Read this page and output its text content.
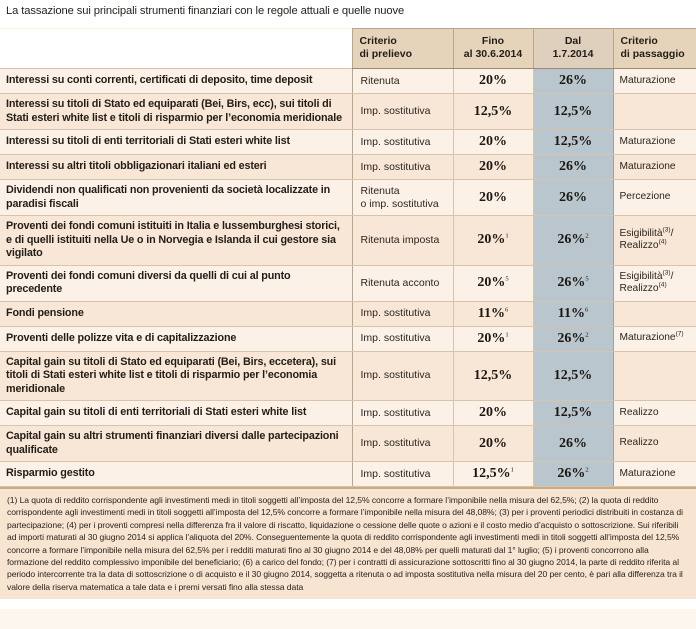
La tassazione sui principali strumenti finanziari con le regole attuali e quelle nuove
	Criterio
di prelievo	Fino
al 30.6.2014	Dal
1.7.2014	Criterio
di passaggio
Interessi su conti correnti, certificati di deposito, time deposit	Ritenuta	20%	26%	Maturazione
Interessi su titoli di Stato ed equiparati (Bei, Birs, ecc), sui titoli di Stati esteri white list e titoli di risparmio per l’economia meridionale	Imp. sostitutiva	12,5%	12,5%	
Interessi su titoli di enti territoriali di Stati esteri white list	Imp. sostitutiva	20%	12,5%	Maturazione
Interessi su altri titoli obbligazionari italiani ed esteri	Imp. sostitutiva	20%	26%	Maturazione
Dividendi non qualificati non provenienti da società localizzate in paradisi fiscali	Ritenuta
o imp. sostitutiva	20%	26%	Percezione
Proventi dei fondi comuni istituiti in Italia e lussemburghesi storici, e di quelli istituiti nella Ue o in Norvegia e Islanda il cui gestore sia vigilato	Ritenuta imposta	20%$^1$	26%$^2$	Esigibilità$^{(3)}$/
Realizzo$^{(4)}$
Proventi dei fondi comuni diversi da quelli di cui al punto precedente	Ritenuta acconto	20%$^5$	26%$^5$	Esigibilità$^{(3)}$/
Realizzo$^{(4)}$
Fondi pensione	Imp. sostitutiva	11%$^6$	11%$^6$	
Proventi delle polizze vita e di capitalizzazione	Imp. sostitutiva	20%$^1$	26%$^2$	Maturazione$^{(7)}$
Capital gain su titoli di Stato ed equiparati (Bei, Birs, eccetera), sui titoli di Stati esteri white list e titoli di risparmio per l’economia meridionale	Imp. sostitutiva	12,5%	12,5%	
Capital gain su titoli di enti territoriali di Stati esteri white list	Imp. sostitutiva	20%	12,5%	Realizzo
Capital gain su altri strumenti finanziari diversi dalle partecipazioni qualificate	Imp. sostitutiva	20%	26%	Realizzo
Risparmio gestito	Imp. sostitutiva	12,5%$^1$	26%$^2$	Maturazione

(1) La quota di reddito corrispondente agli investimenti medi in titoli soggetti all’imposta del 12,5% concorre a formare l’imponibile nella misura del 62,5%; (2) la quota di reddito corrispondente agli investimenti medi in titoli soggetti all’imposta del 12,5% concorre a formare l’imponibile nella misura del 48,08%; (3) per i proventi periodici distribuiti in costanza di partecipazione; (4) per i proventi compresi nella differenza fra il valore di riscatto, liquidazione o cessione delle quote o azioni e il costo medio d’acquisto o sottoscrizione. Sui riferibili ad importi maturati al 30 giugno 2014 si applica l’aliquota del 20%. Conseguentemente la quota di reddito corrispondente agli investimenti medi in titoli soggetti all’imposta del 12,5% concorre a formare l’imponibile nella misura del 62,5% per i redditi maturati fino al 30 giugno 2014 e del 48,08% per quelli maturati dal 1° luglio; (5) i proventi concorrono alla formazione del reddito complessivo imponibile del beneficiario; (6) a carico del fondo; (7) per i contratti di assicurazione sottoscritti fino al 30 giugno 2014, la parte di reddito riferita al periodo intercorrente tra la data di sottoscrizione o di acquisto e il 30 giugno 2014, soggetta a ritenuta o ad imposta sostitutiva nella misura del 20 per cento, è pari alla differenza tra il valore della riserva matematica a tale data e i premi versati fino alla stessa data
